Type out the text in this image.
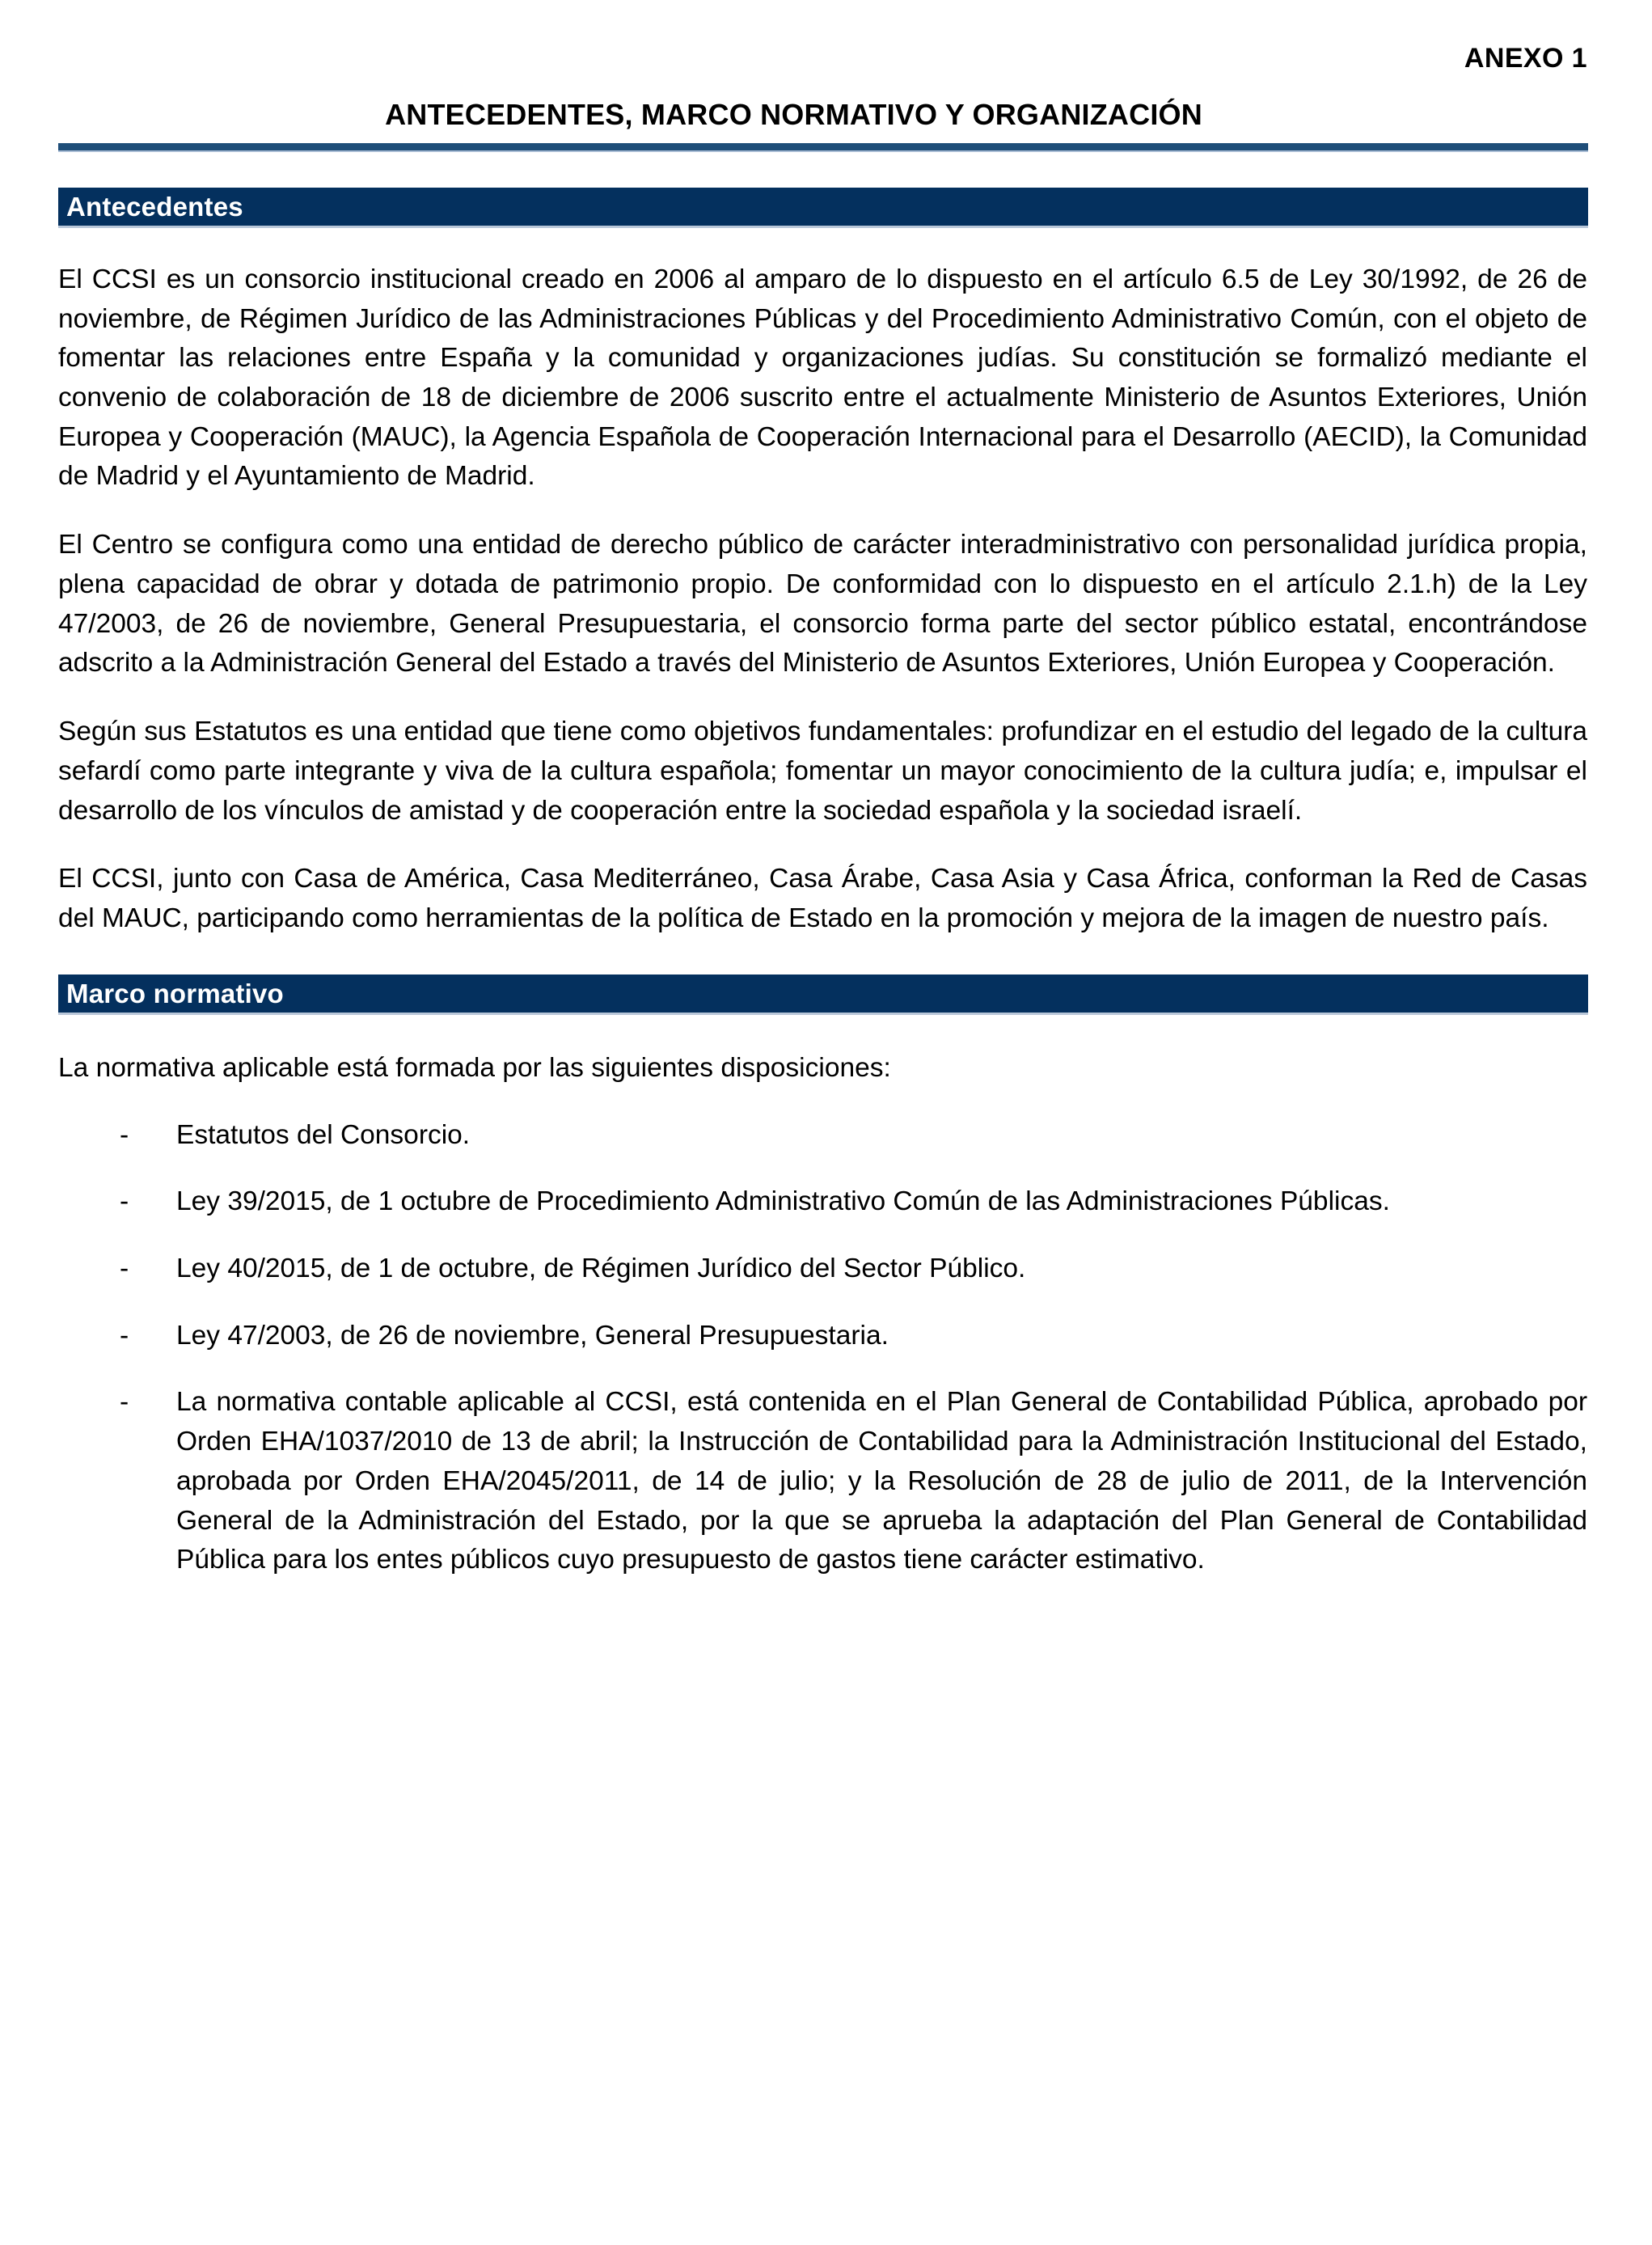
ANEXO 1
ANTECEDENTES, MARCO NORMATIVO Y ORGANIZACIÓN
Antecedentes

El CCSI es un consorcio institucional creado en 2006 al amparo de lo dispuesto en el artículo 6.5 de Ley 30/1992, de 26 de noviembre, de Régimen Jurídico de las Administraciones Públicas y del Procedimiento Administrativo Común, con el objeto de fomentar las relaciones entre España y la comunidad y organizaciones judías. Su constitución se formalizó mediante el convenio de colaboración de 18 de diciembre de 2006 suscrito entre el actualmente Ministerio de Asuntos Exteriores, Unión Europea y Cooperación (MAUC), la Agencia Española de Cooperación Internacional para el Desarrollo (AECID), la Comunidad de Madrid y el Ayuntamiento de Madrid.

El Centro se configura como una entidad de derecho público de carácter interadministrativo con personalidad jurídica propia, plena capacidad de obrar y dotada de patrimonio propio. De conformidad con lo dispuesto en el artículo 2.1.h) de la Ley 47/2003, de 26 de noviembre, General Presupuestaria, el consorcio forma parte del sector público estatal, encontrándose adscrito a la Administración General del Estado a través del Ministerio de Asuntos Exteriores, Unión Europea y Cooperación.

Según sus Estatutos es una entidad que tiene como objetivos fundamentales: profundizar en el estudio del legado de la cultura sefardí como parte integrante y viva de la cultura española; fomentar un mayor conocimiento de la cultura judía; e, impulsar el desarrollo de los vínculos de amistad y de cooperación entre la sociedad española y la sociedad israelí.

El CCSI, junto con Casa de América, Casa Mediterráneo, Casa Árabe, Casa Asia y Casa África, conforman la Red de Casas del MAUC, participando como herramientas de la política de Estado en la promoción y mejora de la imagen de nuestro país.

Marco normativo

La normativa aplicable está formada por las siguientes disposiciones:

- Estatutos del Consorcio.
- Ley 39/2015, de 1 octubre de Procedimiento Administrativo Común de las Administraciones Públicas.
- Ley 40/2015, de 1 de octubre, de Régimen Jurídico del Sector Público.
- Ley 47/2003, de 26 de noviembre, General Presupuestaria.
- La normativa contable aplicable al CCSI, está contenida en el Plan General de Contabilidad Pública, aprobado por Orden EHA/1037/2010 de 13 de abril; la Instrucción de Contabilidad para la Administración Institucional del Estado, aprobada por Orden EHA/2045/2011, de 14 de julio; y la Resolución de 28 de julio de 2011, de la Intervención General de la Administración del Estado, por la que se aprueba la adaptación del Plan General de Contabilidad Pública para los entes públicos cuyo presupuesto de gastos tiene carácter estimativo.
